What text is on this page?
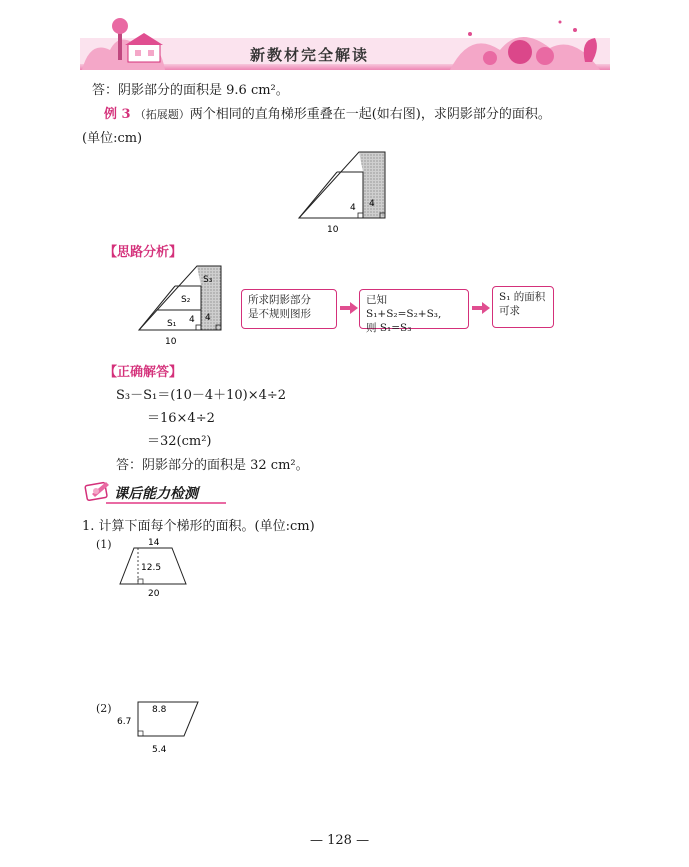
新教材完全解读
答：阴影部分的面积是 9.6 cm²。
例 3 （拓展题）两个相同的直角梯形重叠在一起(如右图)，求阴影部分的面积。
(单位:cm)
4 4
10
【思路分析】
S₃
S₂
S₁ 4 4
10
所求阴影部分
是不规则图形
已知 S₁+S₂=S₂+S₃,
则 S₁=S₃
S₁ 的面积
可求
【正确解答】
S₃－S₁＝(10－4＋10)×4÷2
＝16×4÷2
＝32(cm²)
答：阴影部分的面积是 32 cm²。
课后能力检测
1. 计算下面每个梯形的面积。(单位:cm)
(1)	14
12.5
20
(2)	8.8
6.7
5.4
— 128 —
